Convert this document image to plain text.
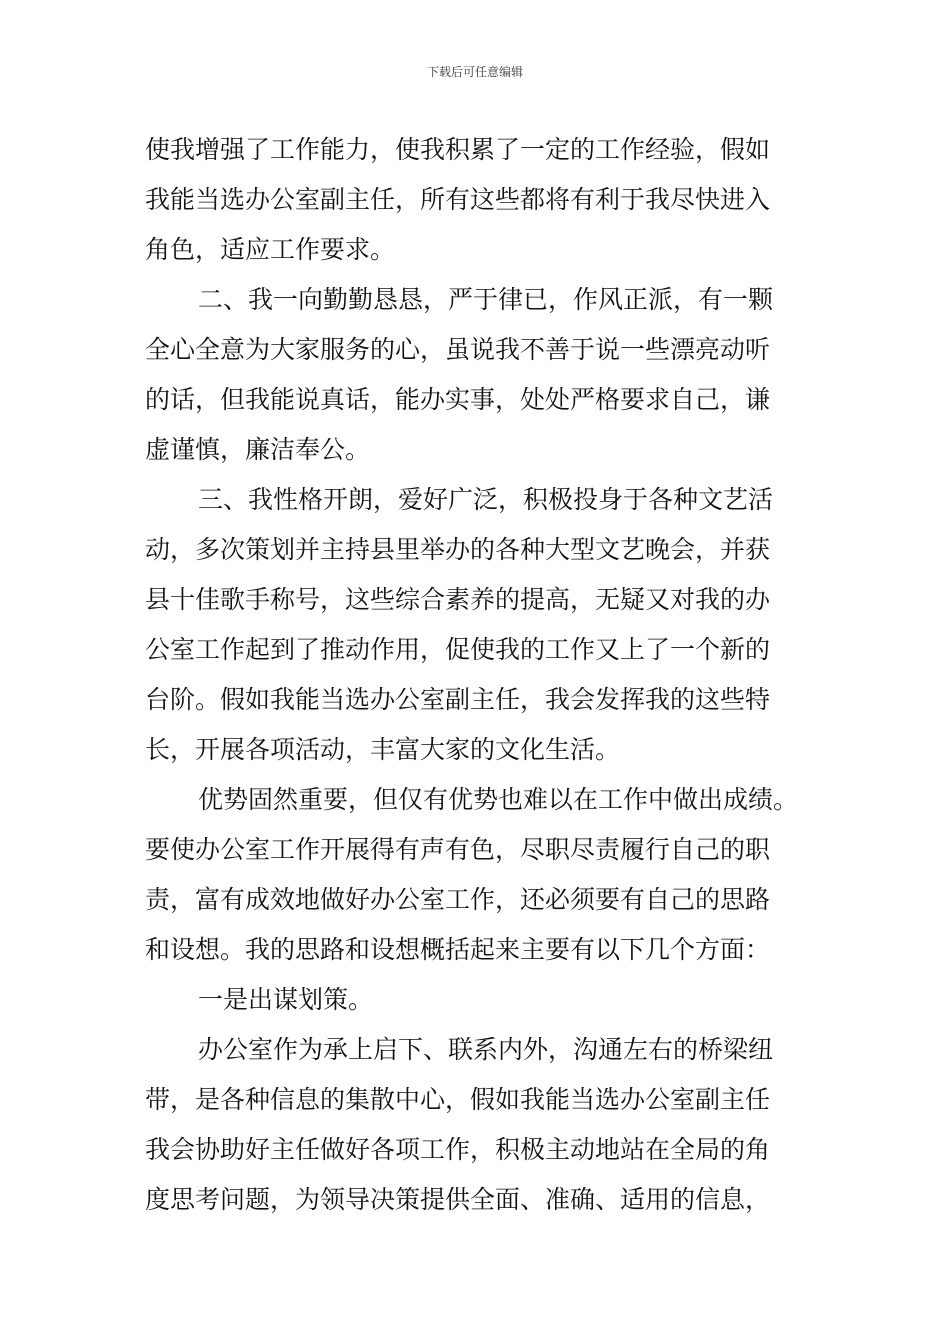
下载后可任意编辑
使我增强了工作能力，使我积累了一定的工作经验，假如
我能当选办公室副主任，所有这些都将有利于我尽快进入
角色，适应工作要求。
二、我一向勤勤恳恳，严于律已，作风正派，有一颗
全心全意为大家服务的心，虽说我不善于说一些漂亮动听
的话，但我能说真话，能办实事，处处严格要求自己，谦
虚谨慎，廉洁奉公。
三、我性格开朗，爱好广泛，积极投身于各种文艺活
动，多次策划并主持县里举办的各种大型文艺晚会，并获
县十佳歌手称号，这些综合素养的提高，无疑又对我的办
公室工作起到了推动作用，促使我的工作又上了一个新的
台阶。假如我能当选办公室副主任，我会发挥我的这些特
长，开展各项活动，丰富大家的文化生活。
优势固然重要，但仅有优势也难以在工作中做出成绩。
要使办公室工作开展得有声有色，尽职尽责履行自己的职
责，富有成效地做好办公室工作，还必须要有自己的思路
和设想。我的思路和设想概括起来主要有以下几个方面：
一是出谋划策。
办公室作为承上启下、联系内外，沟通左右的桥梁纽
带，是各种信息的集散中心，假如我能当选办公室副主任
我会协助好主任做好各项工作，积极主动地站在全局的角
度思考问题，为领导决策提供全面、准确、适用的信息，
